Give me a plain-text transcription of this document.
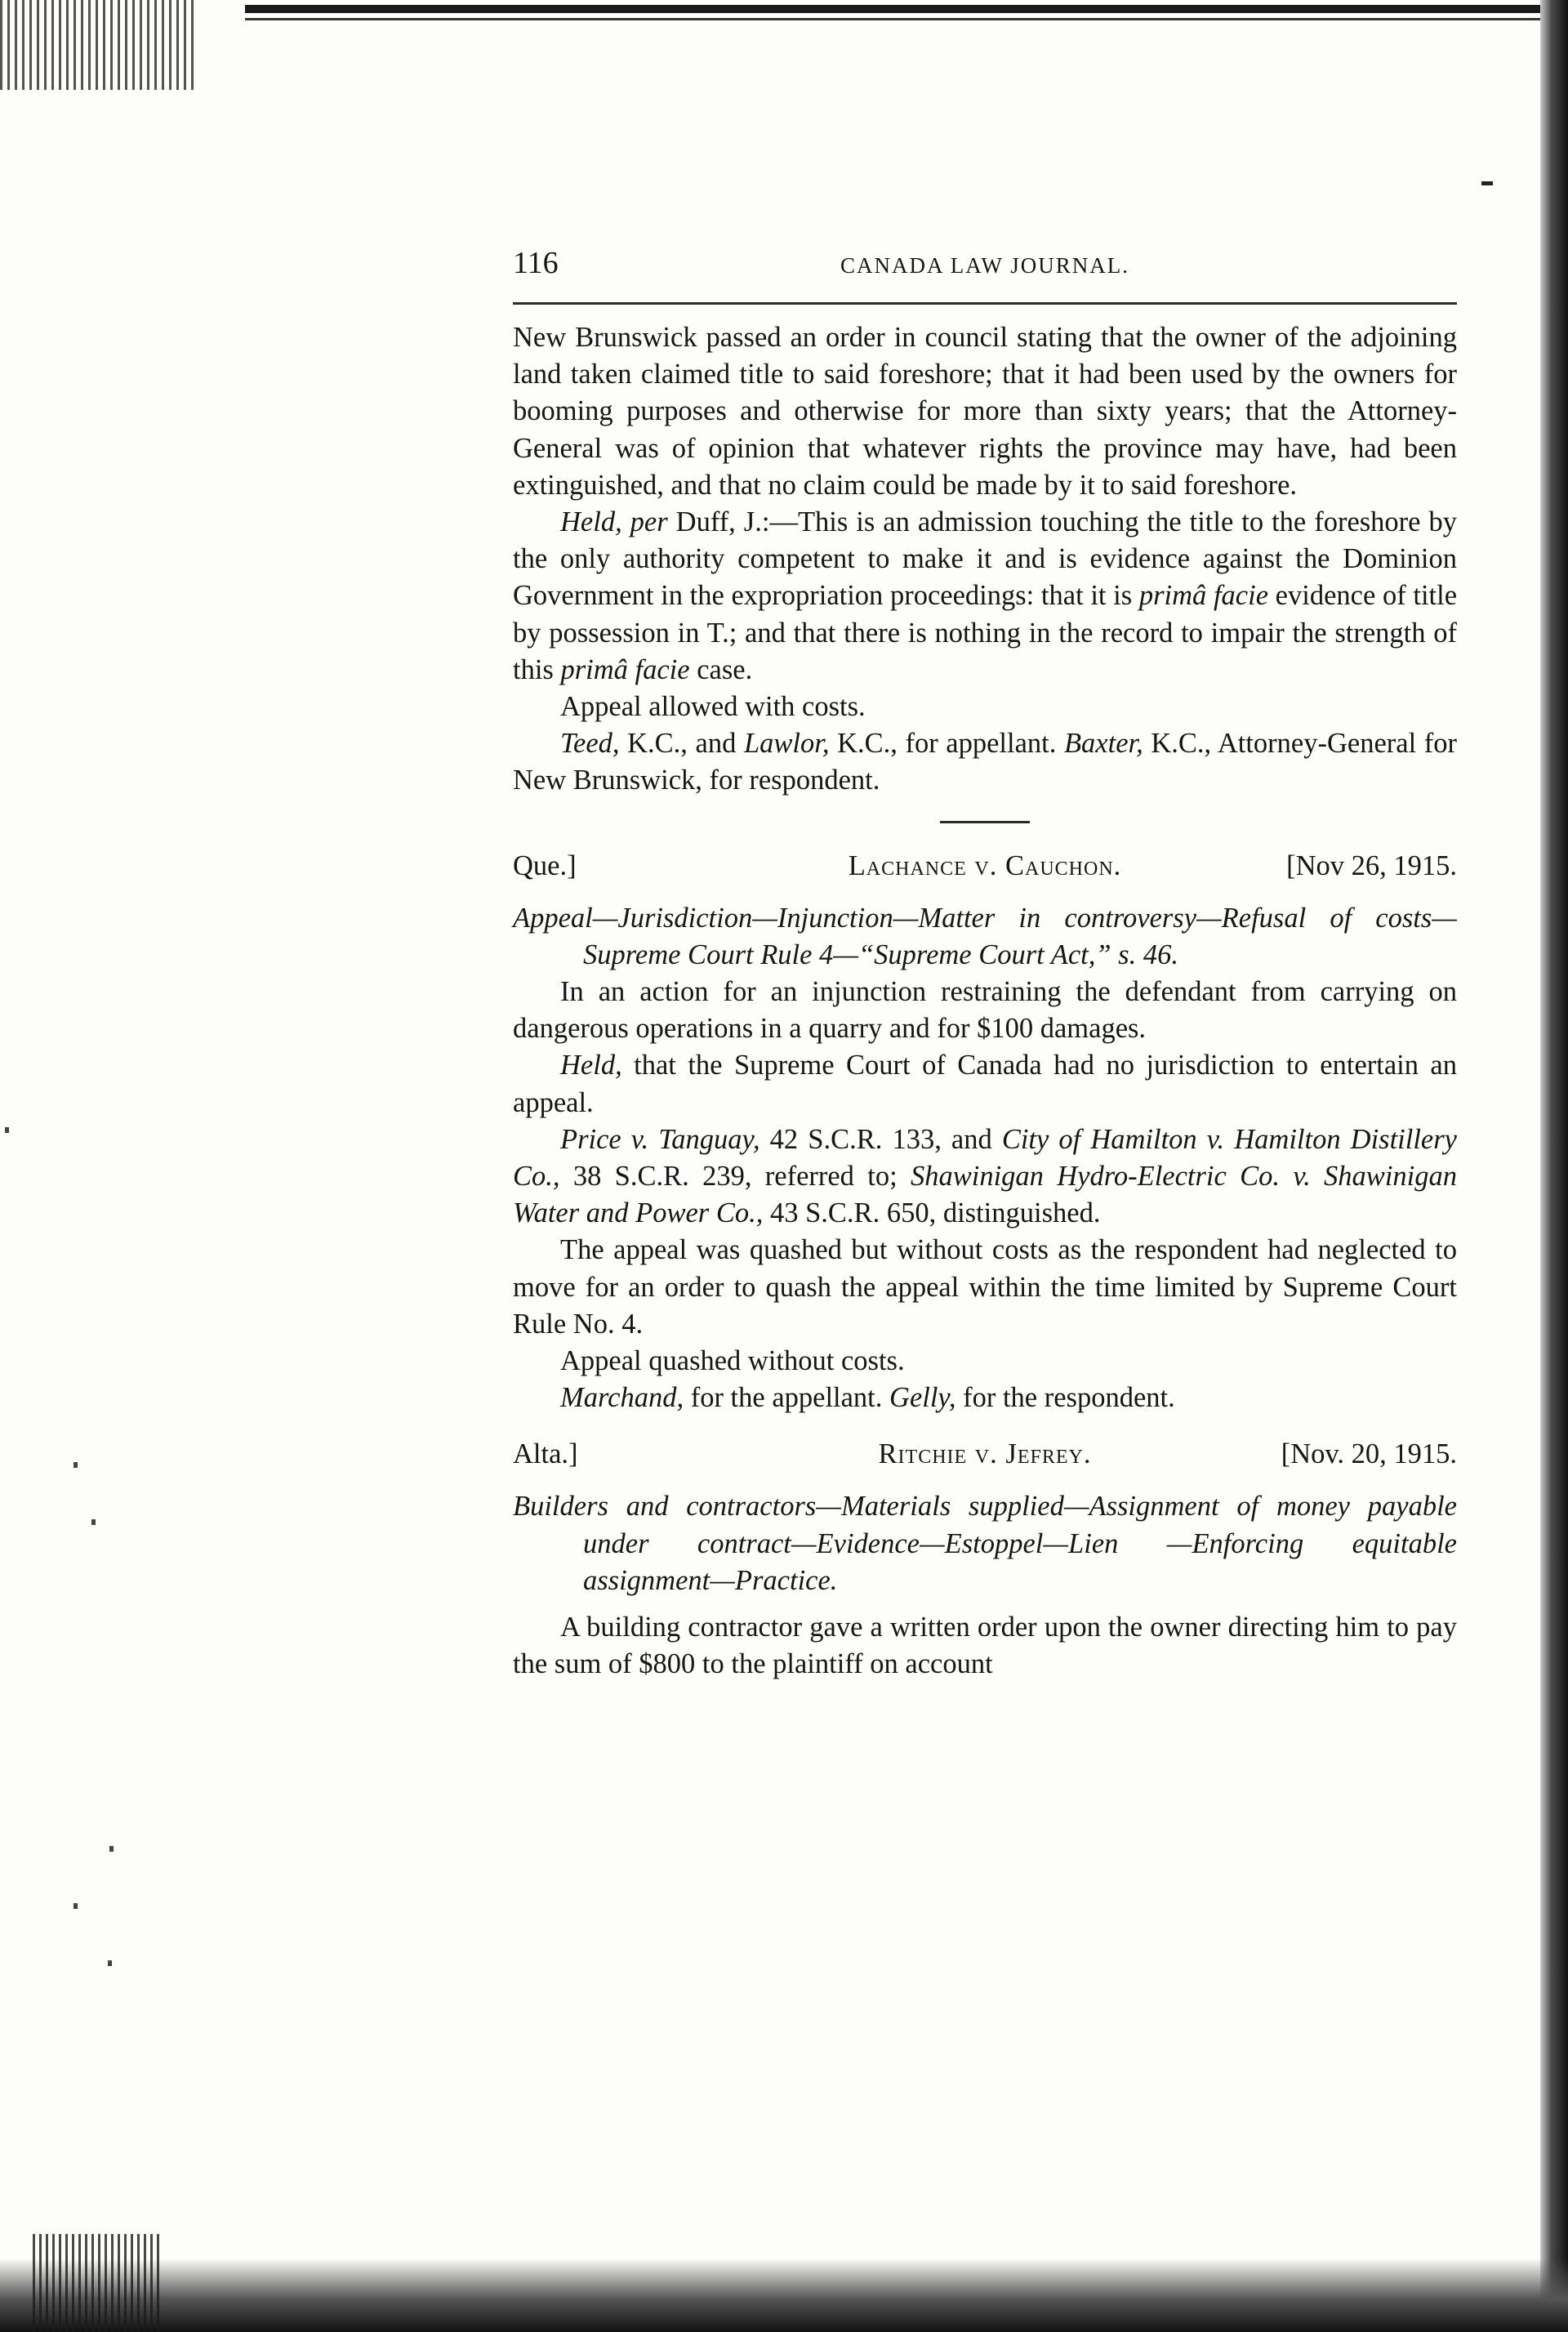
116	CANADA LAW JOURNAL.

New Brunswick passed an order in council stating that the owner of the adjoining land taken claimed title to said foreshore; that it had been used by the owners for booming purposes and otherwise for more than sixty years; that the Attorney-General was of opinion that whatever rights the province may have, had been extinguished, and that no claim could be made by it to said foreshore.

Held, per Duff, J.:—This is an admission touching the title to the foreshore by the only authority competent to make it and is evidence against the Dominion Government in the expropriation proceedings: that it is primâ facie evidence of title by possession in T.; and that there is nothing in the record to impair the strength of this primâ facie case.

Appeal allowed with costs.

Teed, K.C., and Lawlor, K.C., for appellant. Baxter, K.C., Attorney-General for New Brunswick, for respondent.

Que.]	Lachance v. Cauchon.	[Nov 26, 1915.

Appeal—Jurisdiction—Injunction—Matter in controversy—Refusal of costs—Supreme Court Rule 4—“Supreme Court Act,” s. 46.

In an action for an injunction restraining the defendant from carrying on dangerous operations in a quarry and for $100 damages.

Held, that the Supreme Court of Canada had no jurisdiction to entertain an appeal.

Price v. Tanguay, 42 S.C.R. 133, and City of Hamilton v. Hamilton Distillery Co., 38 S.C.R. 239, referred to; Shawinigan Hydro-Electric Co. v. Shawinigan Water and Power Co., 43 S.C.R. 650, distinguished.

The appeal was quashed but without costs as the respondent had neglected to move for an order to quash the appeal within the time limited by Supreme Court Rule No. 4.

Appeal quashed without costs.

Marchand, for the appellant. Gelly, for the respondent.

Alta.]	Ritchie v. Jefrey.	[Nov. 20, 1915.

Builders and contractors—Materials supplied—Assignment of money payable under contract—Evidence—Estoppel—Lien —Enforcing equitable assignment—Practice.

A building contractor gave a written order upon the owner directing him to pay the sum of $800 to the plaintiff on account
